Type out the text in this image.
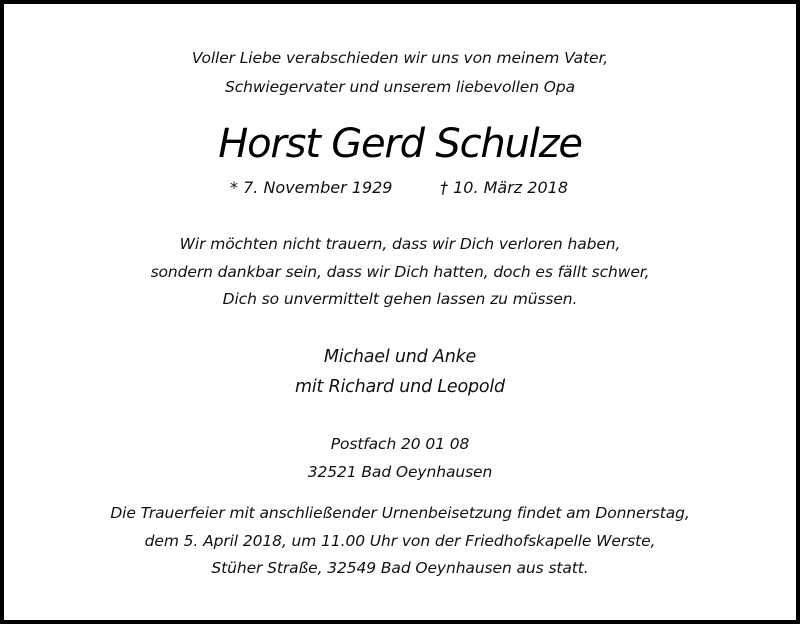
Voller Liebe verabschieden wir uns von meinem Vater,
Schwiegervater und unserem liebevollen Opa
Horst Gerd Schulze
* 7. November 1929	† 10. März 2018
Wir möchten nicht trauern, dass wir Dich verloren haben,
sondern dankbar sein, dass wir Dich hatten, doch es fällt schwer,
Dich so unvermittelt gehen lassen zu müssen.
Michael und Anke
mit Richard und Leopold
Postfach 20 01 08
32521 Bad Oeynhausen
Die Trauerfeier mit anschließender Urnenbeisetzung findet am Donnerstag,
dem 5. April 2018, um 11.00 Uhr von der Friedhofskapelle Werste,
Stüher Straße, 32549 Bad Oeynhausen aus statt.
